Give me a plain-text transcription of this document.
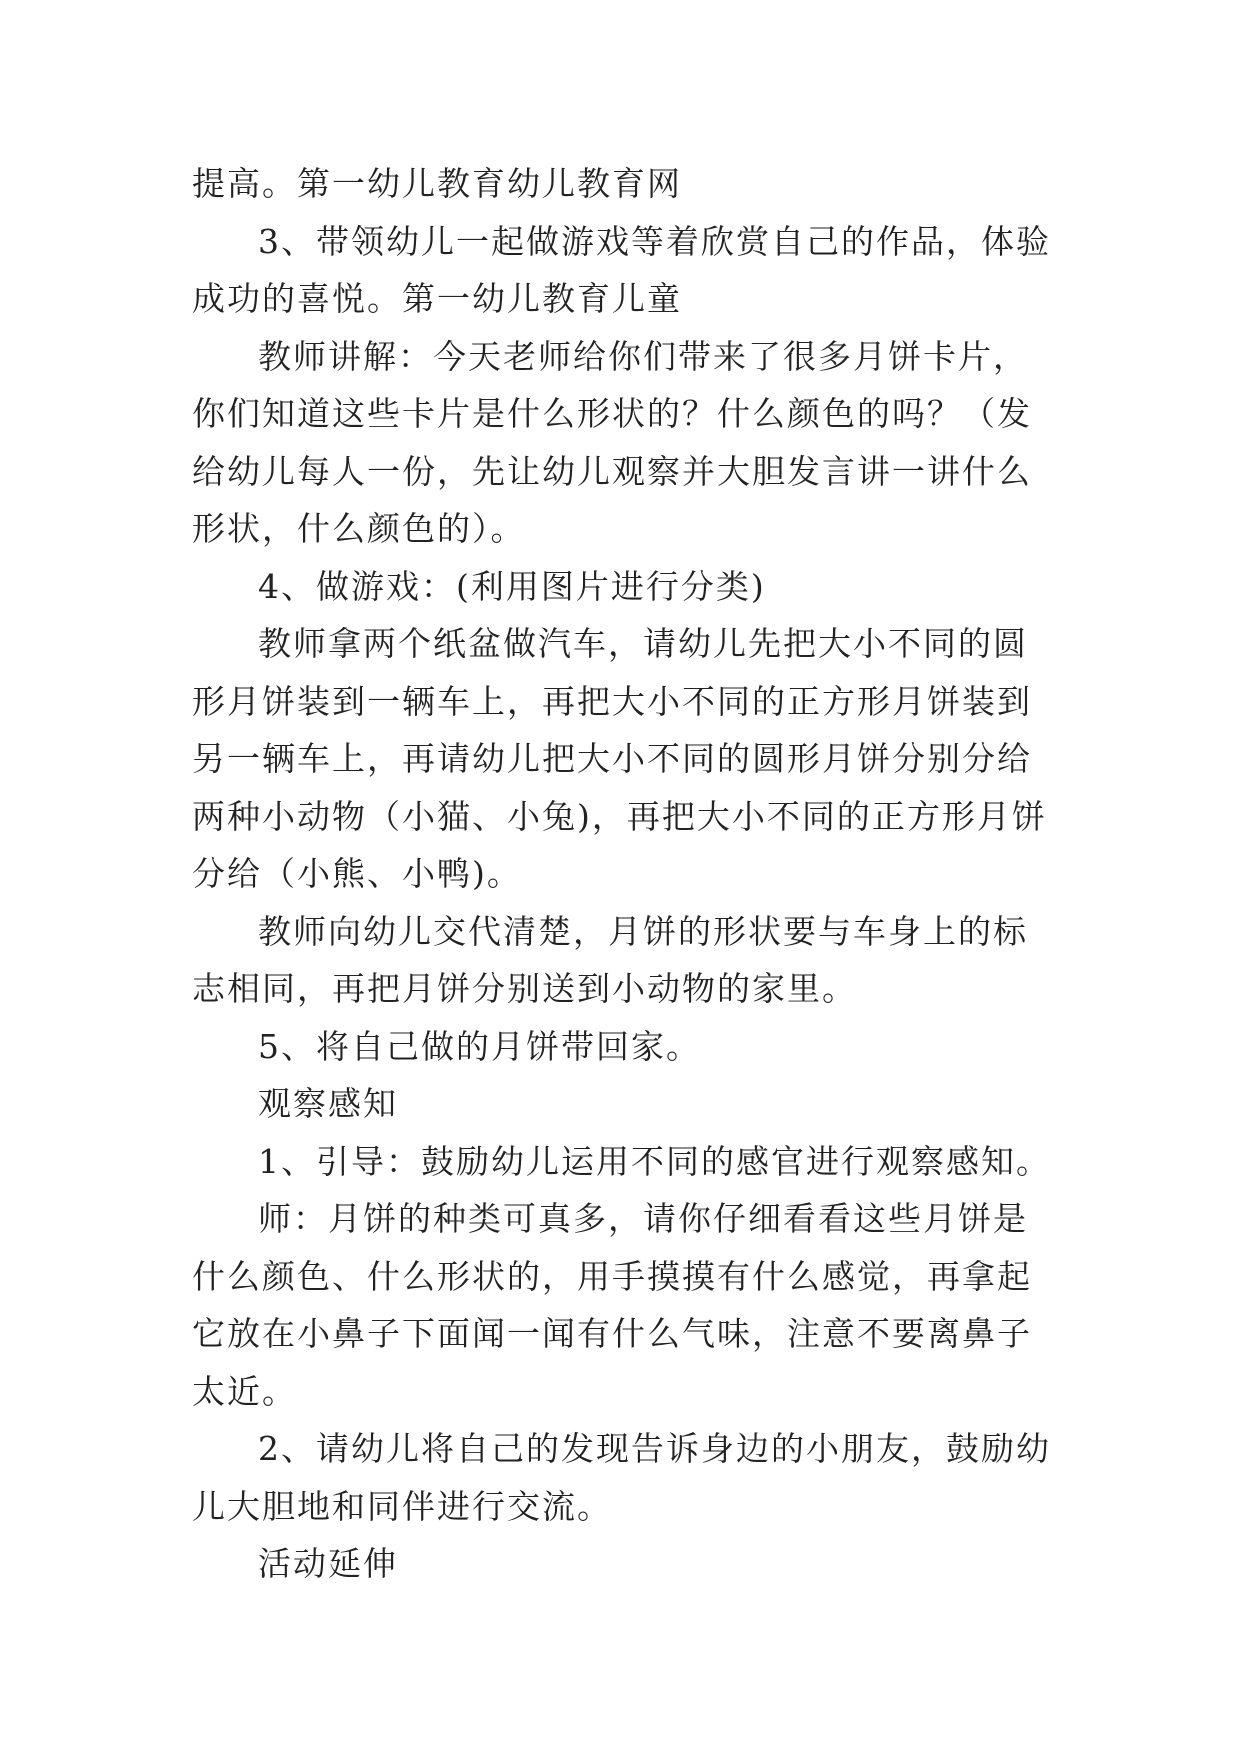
提高。第一幼儿教育幼儿教育网

3、带领幼儿一起做游戏等着欣赏自己的作品，体验成功的喜悦。第一幼儿教育儿童

教师讲解：今天老师给你们带来了很多月饼卡片，你们知道这些卡片是什么形状的？什么颜色的吗？（发给幼儿每人一份，先让幼儿观察并大胆发言讲一讲什么形状，什么颜色的）。

4、做游戏：(利用图片进行分类)

教师拿两个纸盆做汽车，请幼儿先把大小不同的圆形月饼装到一辆车上，再把大小不同的正方形月饼装到另一辆车上，再请幼儿把大小不同的圆形月饼分别分给两种小动物（小猫、小兔)，再把大小不同的正方形月饼分给（小熊、小鸭)。

教师向幼儿交代清楚，月饼的形状要与车身上的标志相同，再把月饼分别送到小动物的家里。

5、将自己做的月饼带回家。

观察感知

1、引导：鼓励幼儿运用不同的感官进行观察感知。

师：月饼的种类可真多，请你仔细看看这些月饼是什么颜色、什么形状的，用手摸摸有什么感觉，再拿起它放在小鼻子下面闻一闻有什么气味，注意不要离鼻子太近。

2、请幼儿将自己的发现告诉身边的小朋友，鼓励幼儿大胆地和同伴进行交流。

活动延伸
